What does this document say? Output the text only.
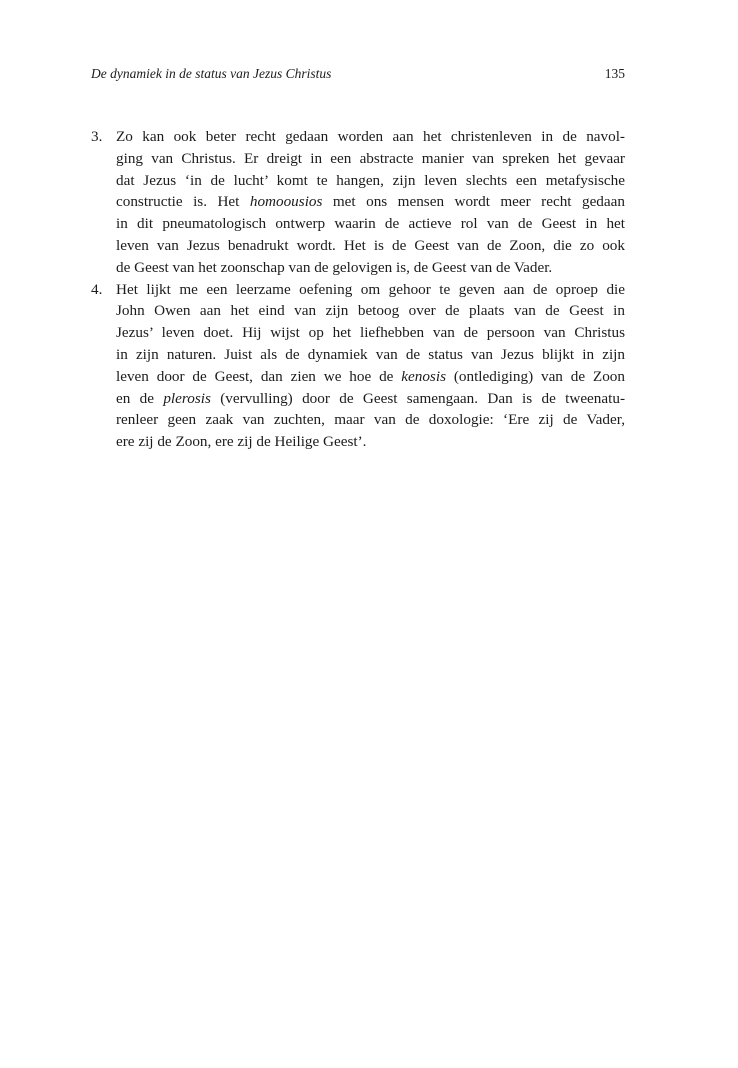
De dynamiek in de status van Jezus Christus	135
3. Zo kan ook beter recht gedaan worden aan het christenleven in de navol-
ging van Christus. Er dreigt in een abstracte manier van spreken het gevaar
dat Jezus ‘in de lucht’ komt te hangen, zijn leven slechts een metafysische
constructie is. Het homoousios met ons mensen wordt meer recht gedaan
in dit pneumatologisch ontwerp waarin de actieve rol van de Geest in het
leven van Jezus benadrukt wordt. Het is de Geest van de Zoon, die zo ook
de Geest van het zoonschap van de gelovigen is, de Geest van de Vader.
4. Het lijkt me een leerzame oefening om gehoor te geven aan de oproep die
John Owen aan het eind van zijn betoog over de plaats van de Geest in
Jezus’ leven doet. Hij wijst op het liefhebben van de persoon van Christus
in zijn naturen. Juist als de dynamiek van de status van Jezus blijkt in zijn
leven door de Geest, dan zien we hoe de kenosis (ontlediging) van de Zoon
en de plerosis (vervulling) door de Geest samengaan. Dan is de tweenatu-
renleer geen zaak van zuchten, maar van de doxologie: ‘Ere zij de Vader,
ere zij de Zoon, ere zij de Heilige Geest’.
